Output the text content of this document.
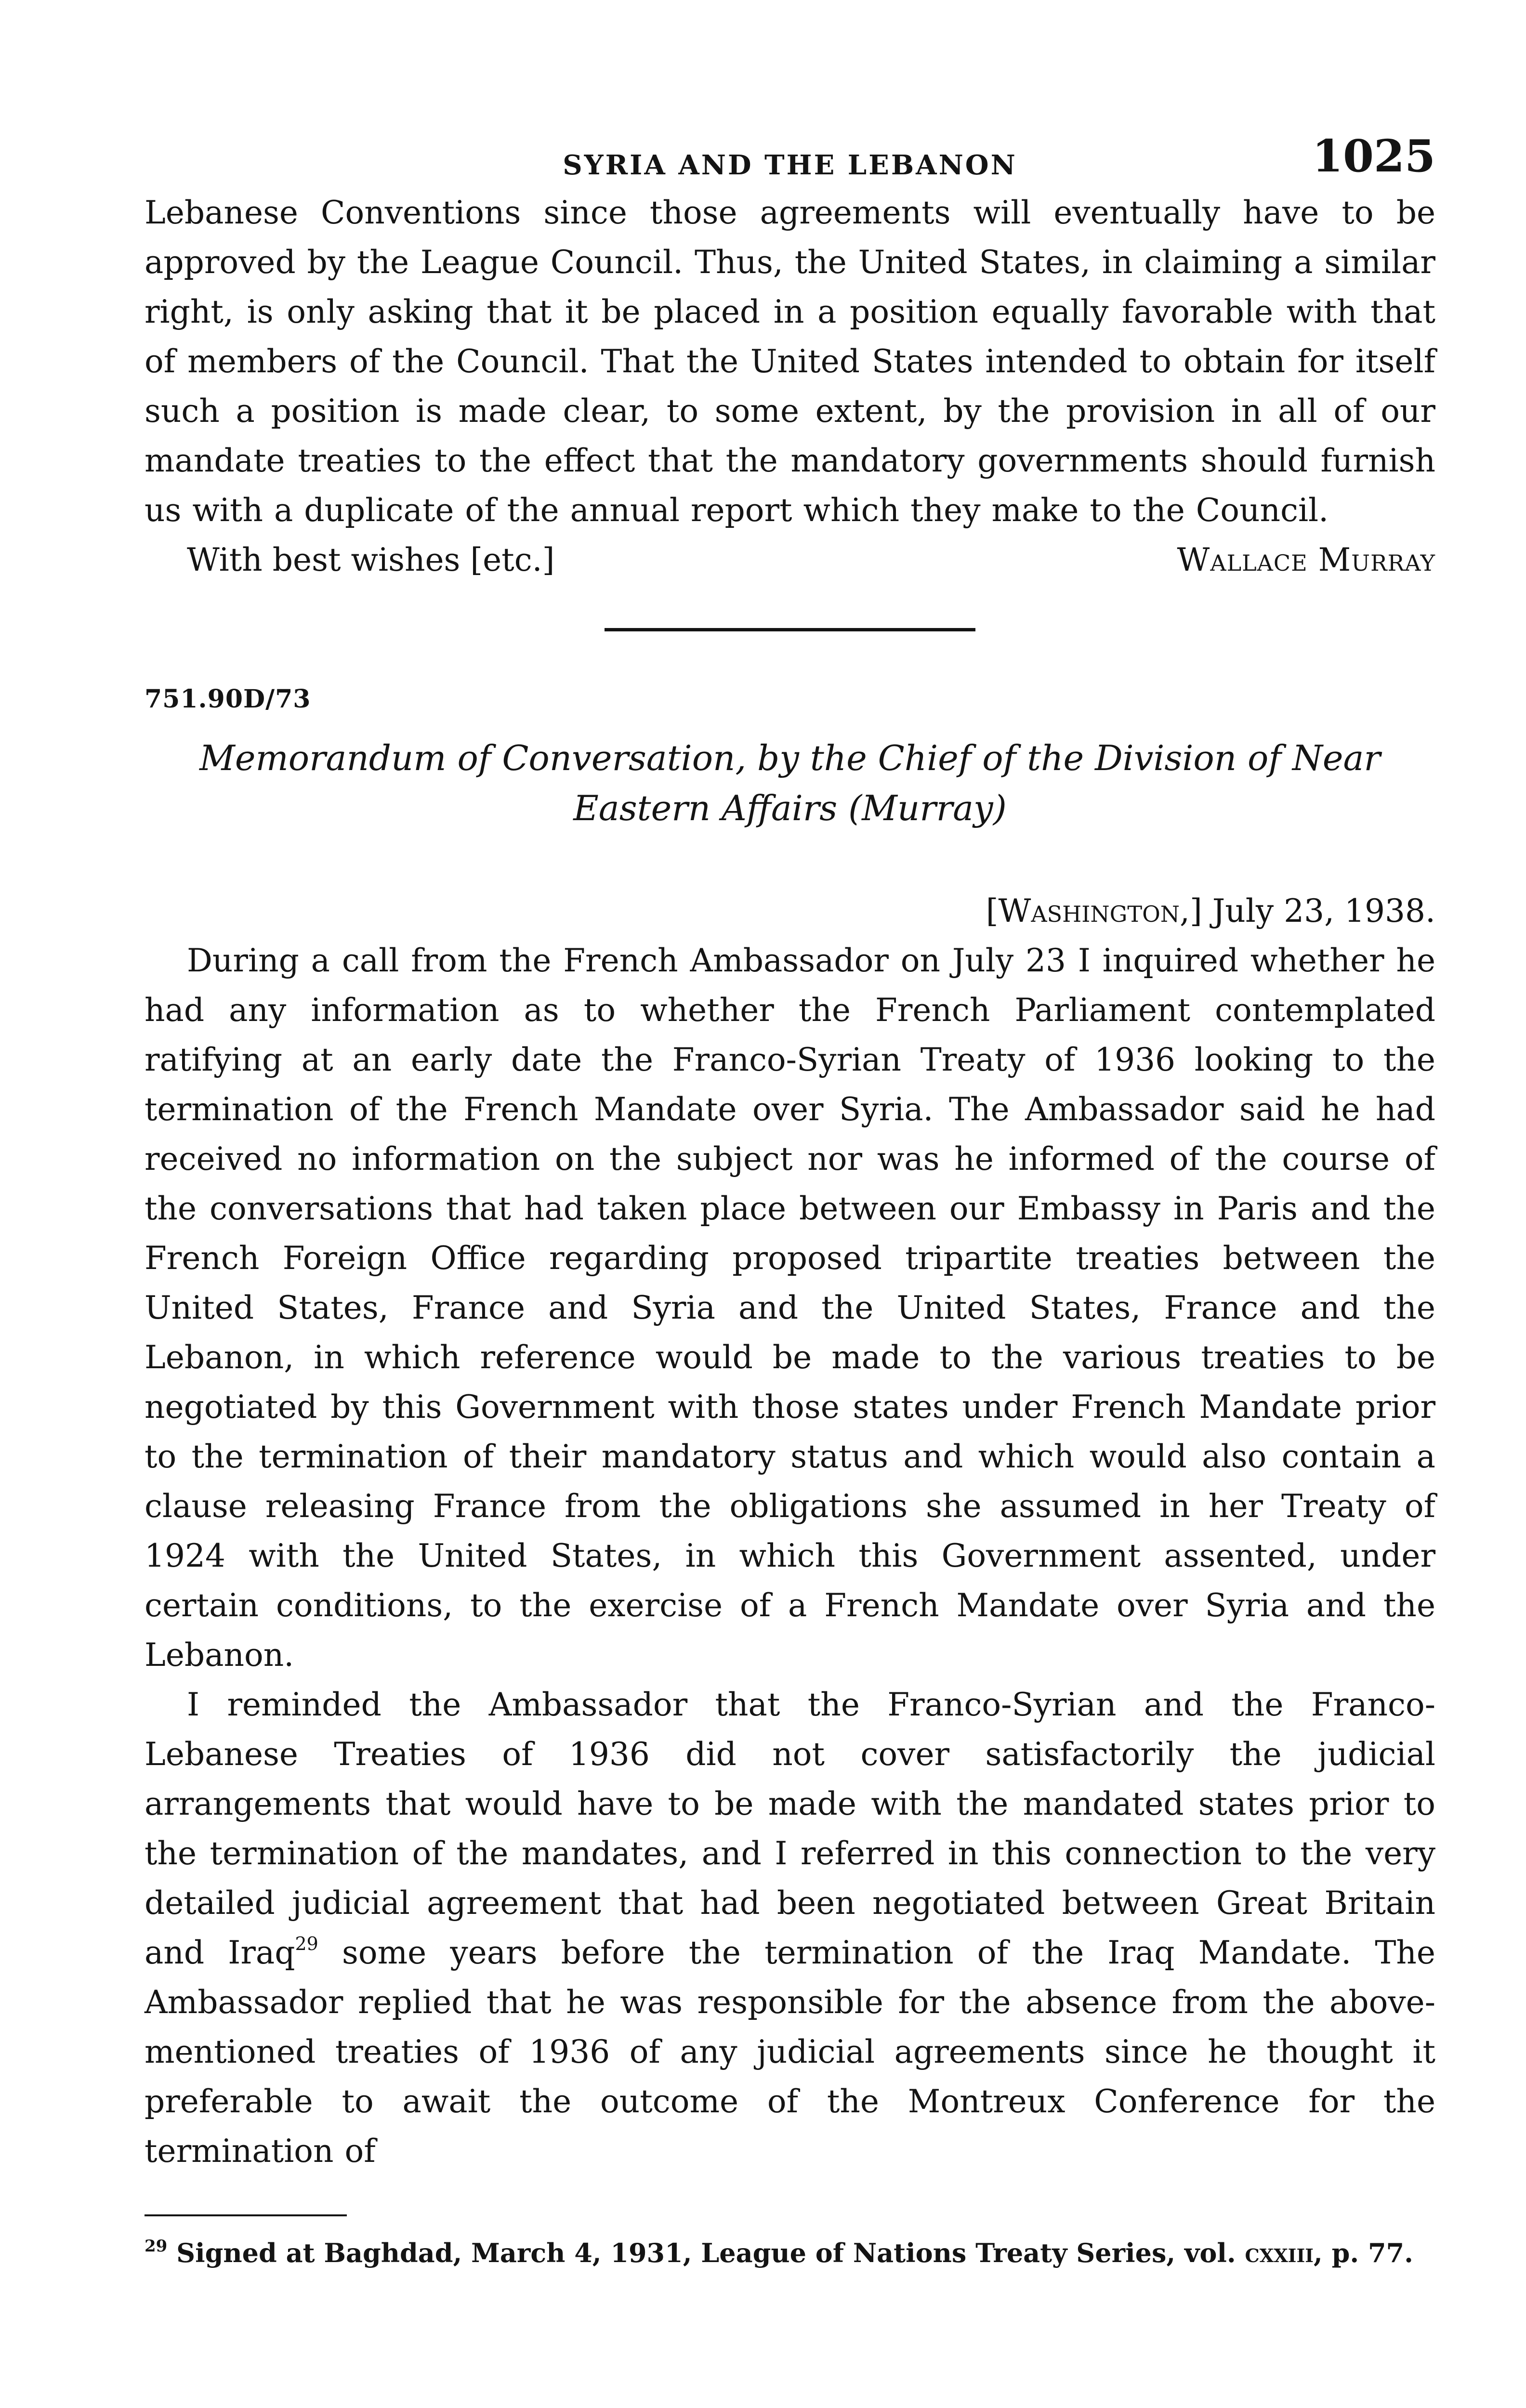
SYRIA AND THE LEBANON	1025

Lebanese Conventions since those agreements will eventually have to be approved by the League Council. Thus, the United States, in claiming a similar right, is only asking that it be placed in a position equally favorable with that of members of the Council. That the United States intended to obtain for itself such a position is made clear, to some extent, by the provision in all of our mandate treaties to the effect that the mandatory governments should furnish us with a duplicate of the annual report which they make to the Council.

With best wishes [etc.]	Wallace Murray
751.90D/73
Memorandum of Conversation, by the Chief of the Division of Near Eastern Affairs (Murray)
[Washington,] July 23, 1938.

During a call from the French Ambassador on July 23 I inquired whether he had any information as to whether the French Parliament contemplated ratifying at an early date the Franco-Syrian Treaty of 1936 looking to the termination of the French Mandate over Syria. The Ambassador said he had received no information on the subject nor was he informed of the course of the conversations that had taken place between our Embassy in Paris and the French Foreign Office regarding proposed tripartite treaties between the United States, France and Syria and the United States, France and the Lebanon, in which reference would be made to the various treaties to be negotiated by this Government with those states under French Mandate prior to the termination of their mandatory status and which would also contain a clause releasing France from the obligations she assumed in her Treaty of 1924 with the United States, in which this Government assented, under certain conditions, to the exercise of a French Mandate over Syria and the Lebanon.

I reminded the Ambassador that the Franco-Syrian and the Franco-Lebanese Treaties of 1936 did not cover satisfactorily the judicial arrangements that would have to be made with the mandated states prior to the termination of the mandates, and I referred in this connection to the very detailed judicial agreement that had been negotiated between Great Britain and Iraq$^{29}$ some years before the termination of the Iraq Mandate. The Ambassador replied that he was responsible for the absence from the above-mentioned treaties of 1936 of any judicial agreements since he thought it preferable to await the outcome of the Montreux Conference for the termination of

$^{29}$ Signed at Baghdad, March 4, 1931, League of Nations Treaty Series, vol. cxxiii, p. 77.
